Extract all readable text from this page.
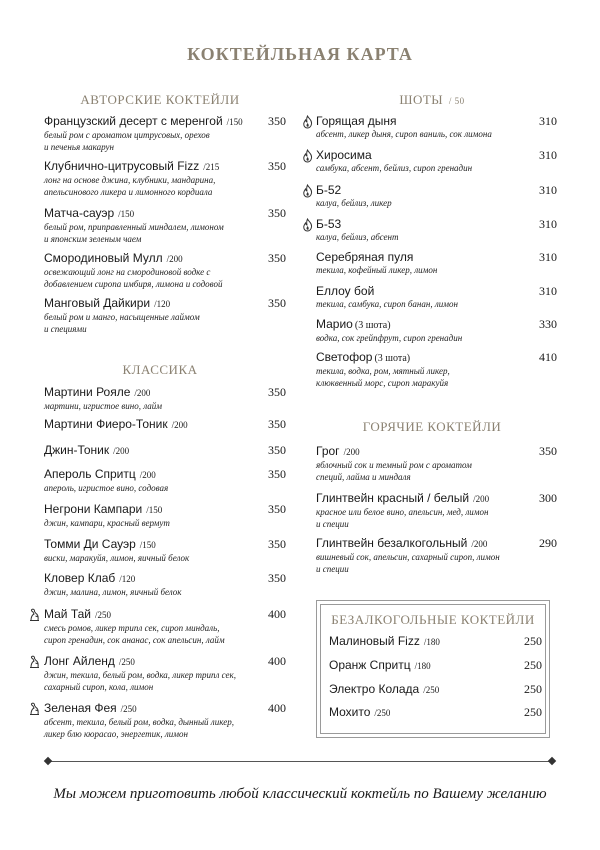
КОКТЕЙЛЬНАЯ КАРТА
АВТОРСКИЕ КОКТЕЙЛИ
КЛАССИКА
ШОТЫ / 50
ГОРЯЧИЕ КОКТЕЙЛИ
Французский десерт с меренгой /150
белый ром с ароматом цитрусовых, орехов
и печенья макарун
350
Клубнично-цитрусовый Fizz /215
лонг на основе джина, клубники, мандарина,
апельсинового ликера и лимонного кордиала
350
Матча-сауэр /150
белый ром, приправленный миндалем, лимоном
и японским зеленым чаем
350
Смородиновый Мулл /200
освежающий лонг на смородиновой водке с
добавлением сиропа имбиря, лимона и содовой
350
Манговый Дайкири /120
белый ром и манго, насыщенные лаймом
и специями
350
Мартини Рояле /200
мартини, игристое вино, лайм
350
Мартини Фиеро-Тоник /200	350
Джин-Тоник /200	350
Апероль Спритц /200
апероль, игристое вино, содовая
350
Негрони Кампари /150
джин, кампари, красный вермут
350
Томми Ди Сауэр /150
виски, маракуйя, лимон, яичный белок
350
Кловер Клаб /120
джин, малина, лимон, яичный белок
350
Май Тай /250
смесь ромов, ликер трипл сек, сироп миндаль,
сироп гренадин, сок ананас, сок апельсин, лайм
400
Лонг Айленд /250
джин, текила, белый ром, водка, ликер трипл сек,
сахарный сироп, кола, лимон
400
Зеленая Фея /250
абсент, текила, белый ром, водка, дынный ликер,
ликер блю кюрасао, энергетик, лимон
400
Горящая дыня
абсент, ликер дыня, сироп ваниль, сок лимона
310
Хиросима
самбука, абсент, бейлиз, сироп гренадин
310
Б-52
калуа, бейлиз, ликер
310
Б-53
калуа, бейлиз, абсент
310
Серебряная пуля
текила, кофейный ликер, лимон
310
Еллоу бой
текила, самбука, сироп банан, лимон
310
Марио (3 шота)
водка, сок грейпфрут, сироп гренадин
330
Светофор (3 шота)
текила, водка, ром, мятный ликер,
клюквенный морс, сироп маракуйя
410
Грог /200
яблочный сок и темный ром с ароматом
специй, лайма и миндаля
350
Глинтвейн красный / белый /200
красное или белое вино, апельсин, мед, лимон
и специи
300
Глинтвейн безалкогольный /200
вишневый сок, апельсин, сахарный сироп, лимон
и специи
290
БЕЗАЛКОГОЛЬНЫЕ КОКТЕЙЛИ
Малиновый Fizz /180	250
Оранж Спритц /180	250
Электро Колада /250	250
Мохито /250	250
Мы можем приготовить любой классический коктейль по Вашему желанию
